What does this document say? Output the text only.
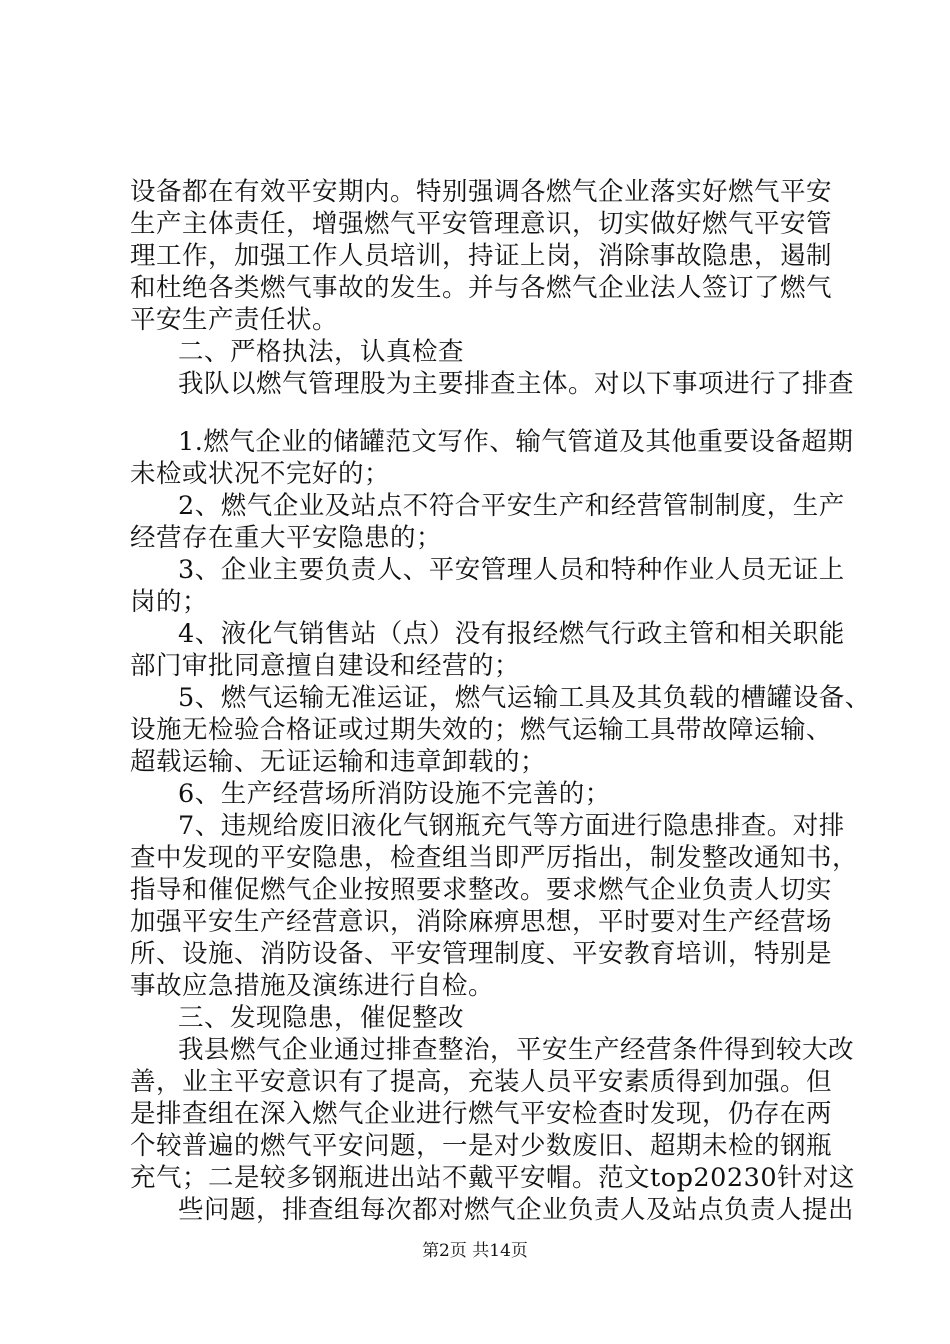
设备都在有效平安期内。特别强调各燃气企业落实好燃气平安
生产主体责任，增强燃气平安管理意识，切实做好燃气平安管
理工作，加强工作人员培训，持证上岗，消除事故隐患，遏制
和杜绝各类燃气事故的发生。并与各燃气企业法人签订了燃气
平安生产责任状。
二、严格执法，认真检查
我队以燃气管理股为主要排查主体。对以下事项进行了排查
1.燃气企业的储罐范文写作、输气管道及其他重要设备超期
未检或状况不完好的；
2、燃气企业及站点不符合平安生产和经营管制制度，生产
经营存在重大平安隐患的；
3、企业主要负责人、平安管理人员和特种作业人员无证上
岗的；
4、液化气销售站（点）没有报经燃气行政主管和相关职能
部门审批同意擅自建设和经营的；
5、燃气运输无准运证，燃气运输工具及其负载的槽罐设备、
设施无检验合格证或过期失效的；燃气运输工具带故障运输、
超载运输、无证运输和违章卸载的；
6、生产经营场所消防设施不完善的；
7、违规给废旧液化气钢瓶充气等方面进行隐患排查。对排
查中发现的平安隐患，检查组当即严厉指出，制发整改通知书，
指导和催促燃气企业按照要求整改。要求燃气企业负责人切实
加强平安生产经营意识，消除麻痹思想，平时要对生产经营场
所、设施、消防设备、平安管理制度、平安教育培训，特别是
事故应急措施及演练进行自检。
三、发现隐患，催促整改
我县燃气企业通过排查整治，平安生产经营条件得到较大改
善，业主平安意识有了提高，充装人员平安素质得到加强。但
是排查组在深入燃气企业进行燃气平安检查时发现，仍存在两
个较普遍的燃气平安问题，一是对少数废旧、超期未检的钢瓶
充气；二是较多钢瓶进出站不戴平安帽。范文top20230针对这
些问题，排查组每次都对燃气企业负责人及站点负责人提出
第2页 共14页
